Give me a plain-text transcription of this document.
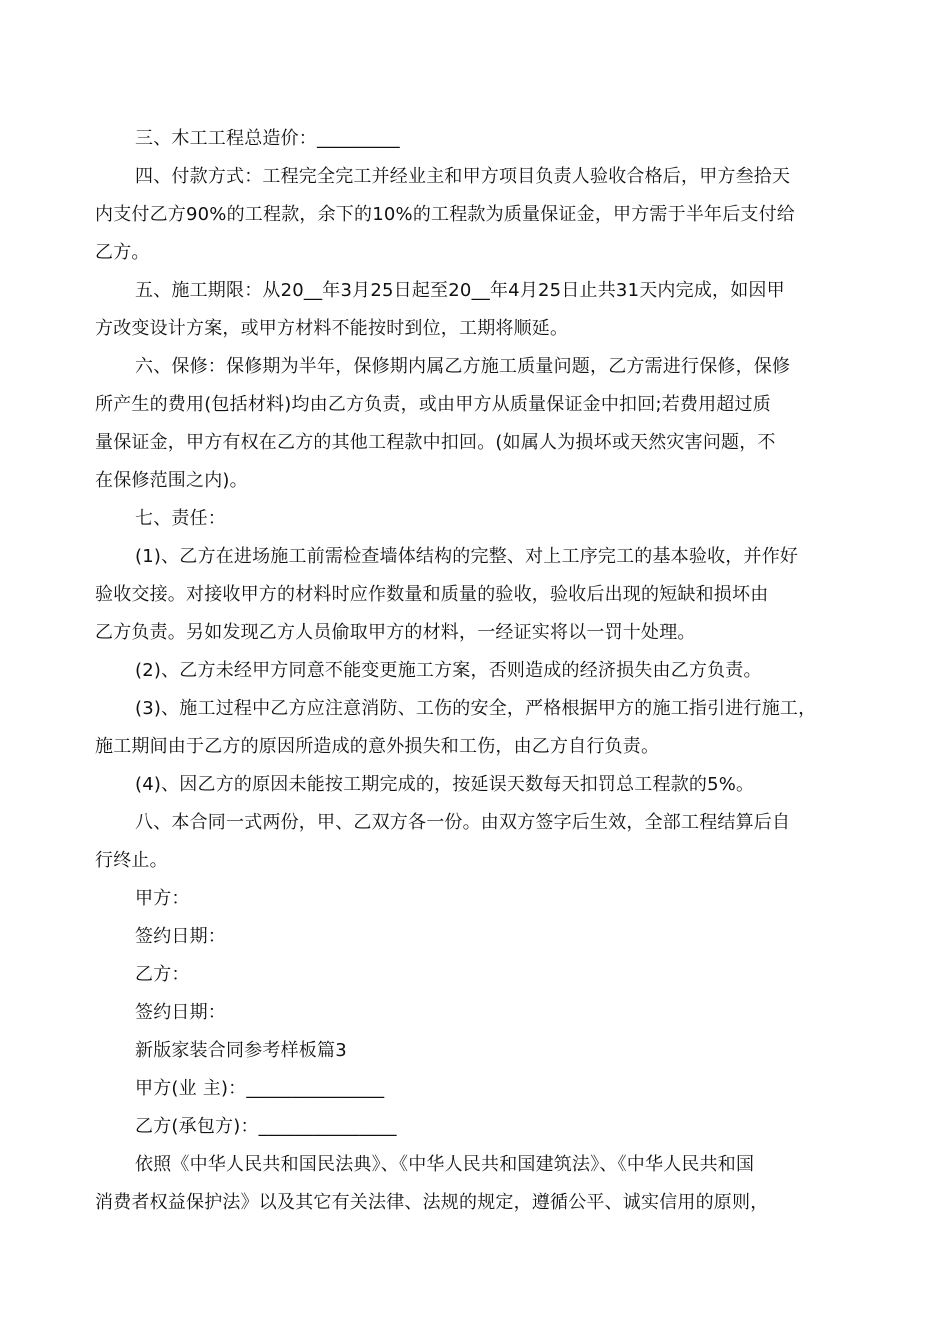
三、木工工程总造价：_________

四、付款方式：工程完全完工并经业主和甲方项目负责人验收合格后，甲方叁拾天
内支付乙方90%的工程款，余下的10%的工程款为质量保证金，甲方需于半年后支付给
乙方。

五、施工期限：从20__年3月25日起至20__年4月25日止共31天内完成，如因甲
方改变设计方案，或甲方材料不能按时到位，工期将顺延。

六、保修：保修期为半年，保修期内属乙方施工质量问题，乙方需进行保修，保修
所产生的费用(包括材料)均由乙方负责，或由甲方从质量保证金中扣回;若费用超过质
量保证金，甲方有权在乙方的其他工程款中扣回。(如属人为损坏或天然灾害问题，不
在保修范围之内)。

七、责任：

(1)、乙方在进场施工前需检查墙体结构的完整、对上工序完工的基本验收，并作好
验收交接。对接收甲方的材料时应作数量和质量的验收，验收后出现的短缺和损坏由
乙方负责。另如发现乙方人员偷取甲方的材料，一经证实将以一罚十处理。

(2)、乙方未经甲方同意不能变更施工方案，否则造成的经济损失由乙方负责。

(3)、施工过程中乙方应注意消防、工伤的安全，严格根据甲方的施工指引进行施工，
施工期间由于乙方的原因所造成的意外损失和工伤，由乙方自行负责。

(4)、因乙方的原因未能按工期完成的，按延误天数每天扣罚总工程款的5%。

八、本合同一式两份，甲、乙双方各一份。由双方签字后生效，全部工程结算后自
行终止。

甲方：

签约日期：

乙方：

签约日期：

新版家装合同参考样板篇3

甲方(业 主)：_______________

乙方(承包方)：_______________

依照《中华人民共和国民法典》、《中华人民共和国建筑法》、《中华人民共和国
消费者权益保护法》以及其它有关法律、法规的规定，遵循公平、诚实信用的原则，
